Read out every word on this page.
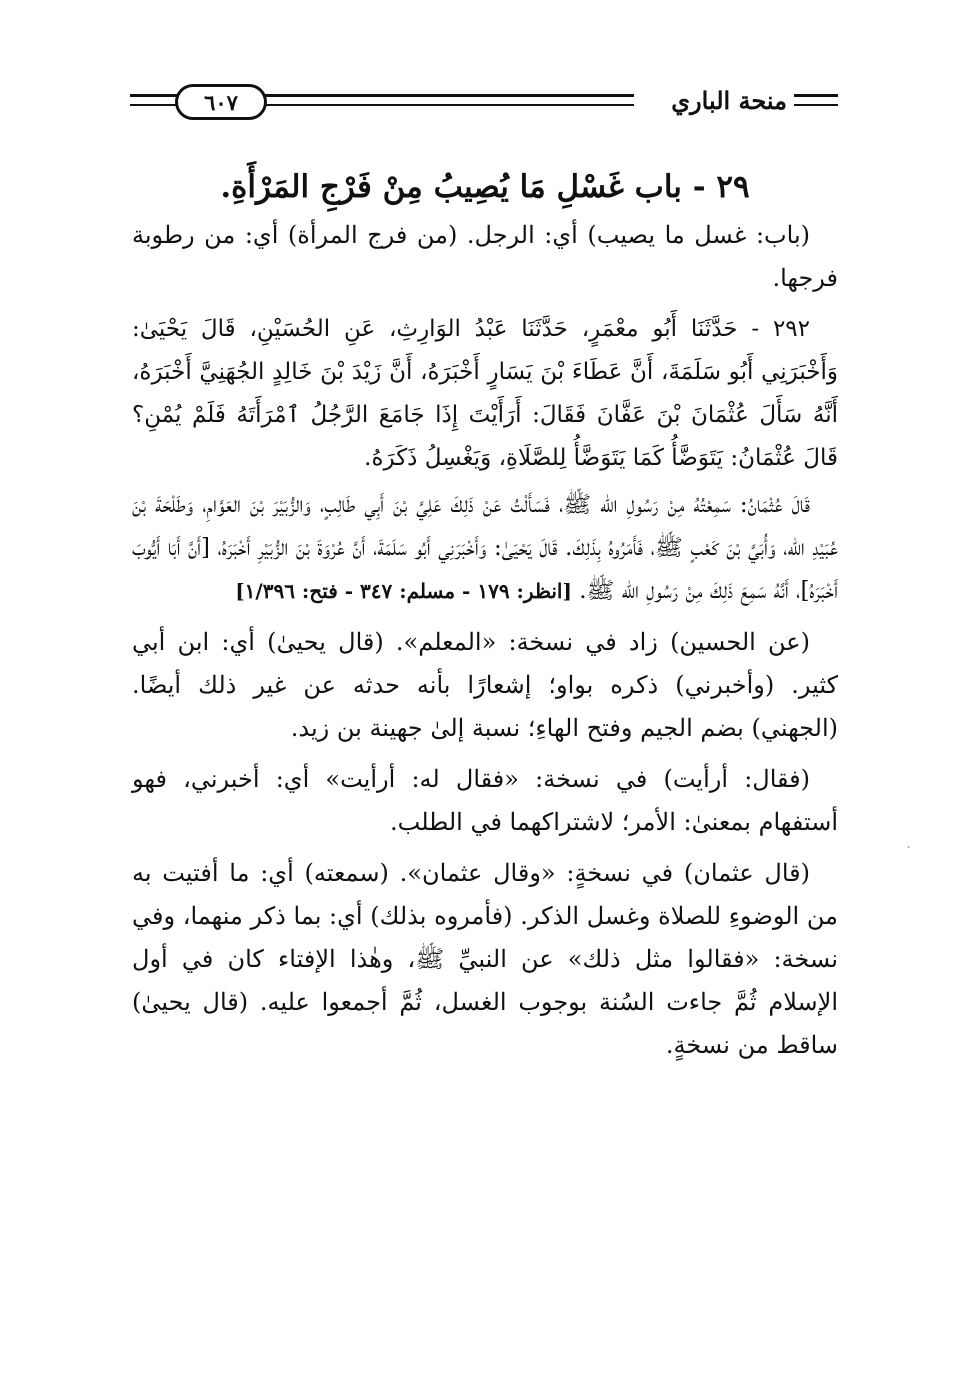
٦٠٧	منحة الباري
٢٩ - باب غَسْلِ مَا يُصِيبُ مِنْ فَرْجِ المَرْأَةِ.

(باب: غسل ما يصيب) أي: الرجل. (من فرج المرأة) أي: من رطوبة فرجها.

٢٩٢ - حَدَّثَنَا أَبُو معْمَرٍ، حَدَّثَنَا عَبْدُ الوَارِثِ، عَنِ الحُسَيْنِ، قَالَ يَحْيَىٰ: وَأَخْبَرَنِي أَبُو سَلَمَةَ، أَنَّ عَطَاءَ بْنَ يَسَارٍ أَخْبَرَهُ، أَنَّ زَيْدَ بْنَ خَالِدٍ الجُهَنِيَّ أَخْبَرَهُ، أَنَّهُ سَأَلَ عُثْمَانَ بْنَ عَفَّانَ فَقَالَ: أَرَأَيْتَ إِذَا جَامَعَ الرَّجُلُ ٱمْرَأَتَهُ فَلَمْ يُمْنِ؟ قَالَ عُثْمَانُ: يَتَوَضَّأُ كَمَا يَتَوَضَّأُ لِلصَّلَاةِ، وَيَغْسِلُ ذَكَرَهُ.

قَالَ عُثْمَانُ: سَمِعْتُهُ مِنْ رَسُولِ الله ﷺ، فَسَأَلْتُ عَنْ ذَلِكَ عَلِيَّ بْنَ أَبِي طَالِبٍ، وَالزُّبَيْرَ بْنَ العَوَّامِ، وَطَلْحَةَ بْنَ عُبَيْدِ الله، وَأُبَيَّ بْنَ كَعْبٍ ﷺ، فَأَمَرُوهُ بِذَلِكَ. قَالَ يَحْيَىٰ: وَأَخْبَرَنِي أَبُو سَلَمَةَ، أَنَّ عُرْوَةَ بْنَ الزُّبَيْرِ أَخْبَرَهُ، [أَنَّ أَبَا أَيُّوبَ أَخْبَرَهُ]، أَنَّهُ سَمِعَ ذَلِكَ مِنْ رَسُولِ الله ﷺ. [انظر: ١٧٩ - مسلم: ٣٤٧ - فتح: ١/٣٩٦]

(عن الحسين) زاد في نسخة: «المعلم». (قال يحيىٰ) أي: ابن أبي كثير. (وأخبرني) ذكره بواو؛ إشعارًا بأنه حدثه عن غير ذلك أيضًا. (الجهني) بضم الجيم وفتح الهاءِ؛ نسبة إلىٰ جهينة بن زيد.

(فقال: أرأيت) في نسخة: «فقال له: أرأيت» أي: أخبرني، فهو أستفهام بمعنىٰ: الأمر؛ لاشتراكهما في الطلب.

(قال عثمان) في نسخةٍ: «وقال عثمان». (سمعته) أي: ما أفتيت به من الوضوءِ للصلاة وغسل الذكر. (فأمروه بذلك) أي: بما ذكر منهما، وفي نسخة: «فقالوا مثل ذلك» عن النبيِّ ﷺ، وهٰذا الإفتاء كان في أول الإسلام ثُمَّ جاءت السُنة بوجوب الغسل، ثُمَّ أجمعوا عليه. (قال يحيىٰ) ساقط من نسخةٍ.

˙
